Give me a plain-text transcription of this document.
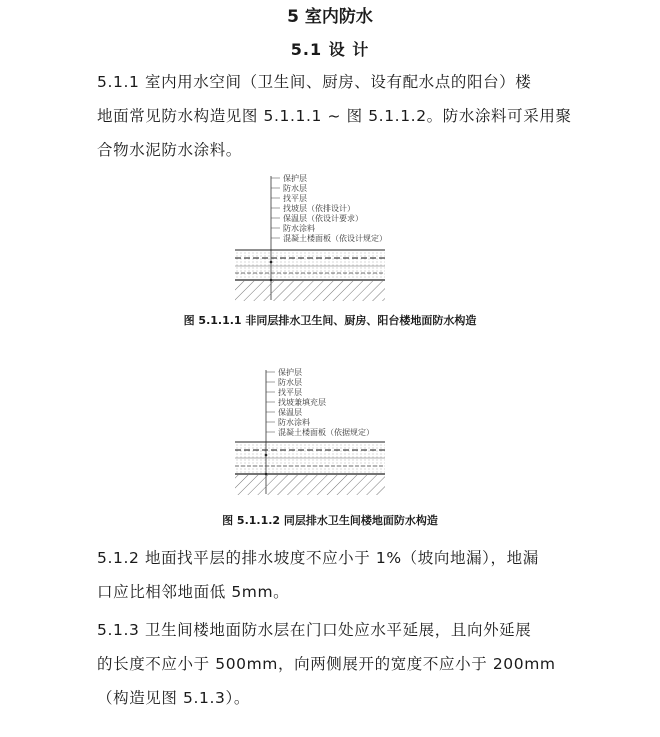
5 室内防水
5.1 设 计
5.1.1 室内用水空间（卫生间、厨房、设有配水点的阳台）楼
地面常见防水构造见图 5.1.1.1 ~ 图 5.1.1.2。防水涂料可采用聚
合物水泥防水涂料。
保护层
防水层
找平层
找坡层（依排设计）
保温层（依设计要求）
防水涂料
混凝土楼面板（依设计规定）
保护层
防水层
找平层
找坡兼填充层
保温层
防水涂料
混凝土楼面板（依据规定）
图 5.1.1.1 非同层排水卫生间、厨房、阳台楼地面防水构造
图 5.1.1.2 同层排水卫生间楼地面防水构造
5.1.2 地面找平层的排水坡度不应小于 1%（坡向地漏），地漏
口应比相邻地面低 5mm。
5.1.3 卫生间楼地面防水层在门口处应水平延展，且向外延展
的长度不应小于 500mm，向两侧展开的宽度不应小于 200mm
（构造见图 5.1.3）。
